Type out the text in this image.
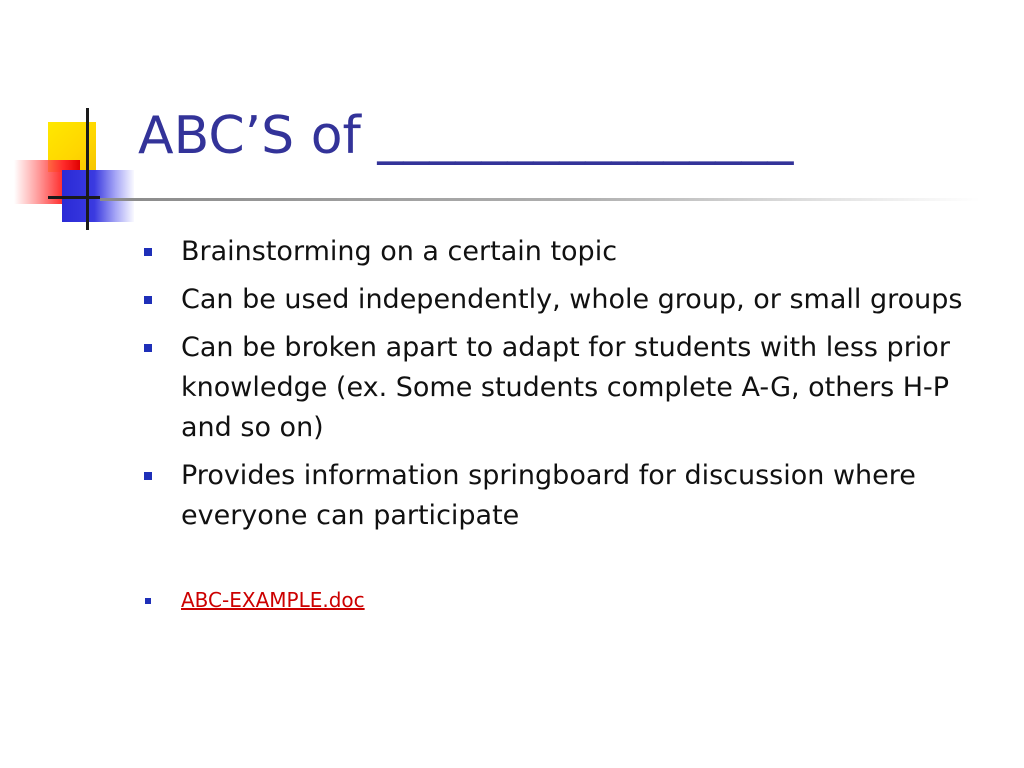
ABC’S of ________________
Brainstorming on a certain topic
Can be used independently, whole group, or small groups
Can be broken apart to adapt for students with less prior knowledge (ex. Some students complete A-G, others H-P and so on)
Provides information springboard for discussion where everyone can participate
ABC-EXAMPLE.doc
